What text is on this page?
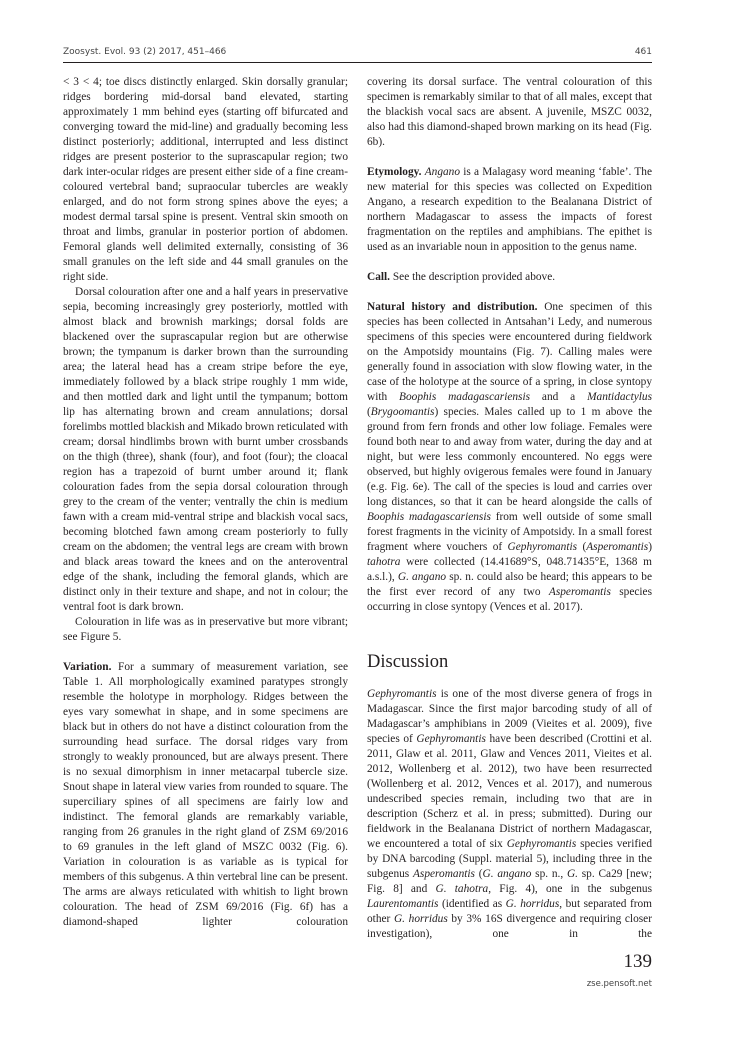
Zoosyst. Evol. 93 (2) 2017, 451–466	461

< 3 < 4; toe discs distinctly enlarged. Skin dorsally granular; ridges bordering mid-dorsal band elevated, starting approximately 1 mm behind eyes (starting off bifurcated and converging toward the mid-line) and gradually becoming less distinct posteriorly; additional, interrupted and less distinct ridges are present posterior to the suprascapular region; two dark inter-ocular ridges are present either side of a fine cream-coloured vertebral band; supraocular tubercles are weakly enlarged, and do not form strong spines above the eyes; a modest dermal tarsal spine is present. Ventral skin smooth on throat and limbs, granular in posterior portion of abdomen. Femoral glands well delimited externally, consisting of 36 small granules on the left side and 44 small granules on the right side.

Dorsal colouration after one and a half years in preservative sepia, becoming increasingly grey posteriorly, mottled with almost black and brownish markings; dorsal folds are blackened over the suprascapular region but are otherwise brown; the tympanum is darker brown than the surrounding area; the lateral head has a cream stripe before the eye, immediately followed by a black stripe roughly 1 mm wide, and then mottled dark and light until the tympanum; bottom lip has alternating brown and cream annulations; dorsal forelimbs mottled blackish and Mikado brown reticulated with cream; dorsal hindlimbs brown with burnt umber crossbands on the thigh (three), shank (four), and foot (four); the cloacal region has a trapezoid of burnt umber around it; flank colouration fades from the sepia dorsal colouration through grey to the cream of the venter; ventrally the chin is medium fawn with a cream mid-ventral stripe and blackish vocal sacs, becoming blotched fawn among cream posteriorly to fully cream on the abdomen; the ventral legs are cream with brown and black areas toward the knees and on the anteroventral edge of the shank, including the femoral glands, which are distinct only in their texture and shape, and not in colour; the ventral foot is dark brown.

Colouration in life was as in preservative but more vibrant; see Figure 5.

Variation. For a summary of measurement variation, see Table 1. All morphologically examined paratypes strongly resemble the holotype in morphology. Ridges between the eyes vary somewhat in shape, and in some specimens are black but in others do not have a distinct colouration from the surrounding head surface. The dorsal ridges vary from strongly to weakly pronounced, but are always present. There is no sexual dimorphism in inner metacarpal tubercle size. Snout shape in lateral view varies from rounded to square. The superciliary spines of all specimens are fairly low and indistinct. The femoral glands are remarkably variable, ranging from 26 granules in the right gland of ZSM 69/2016 to 69 granules in the left gland of MSZC 0032 (Fig. 6). Variation in colouration is as variable as is typical for members of this subgenus. A thin vertebral line can be present. The arms are always reticulated with whitish to light brown colouration. The head of ZSM 69/2016 (Fig. 6f) has a diamond-shaped lighter colouration

covering its dorsal surface. The ventral colouration of this specimen is remarkably similar to that of all males, except that the blackish vocal sacs are absent. A juvenile, MSZC 0032, also had this diamond-shaped brown marking on its head (Fig. 6b).

Etymology. Angano is a Malagasy word meaning ‘fable’. The new material for this species was collected on Expedition Angano, a research expedition to the Bealanana District of northern Madagascar to assess the impacts of forest fragmentation on the reptiles and amphibians. The epithet is used as an invariable noun in apposition to the genus name.

Call. See the description provided above.

Natural history and distribution. One specimen of this species has been collected in Antsahan’i Ledy, and numerous specimens of this species were encountered during fieldwork on the Ampotsidy mountains (Fig. 7). Calling males were generally found in association with slow flowing water, in the case of the holotype at the source of a spring, in close syntopy with Boophis madagascariensis and a Mantidactylus (Brygoomantis) species. Males called up to 1 m above the ground from fern fronds and other low foliage. Females were found both near to and away from water, during the day and at night, but were less commonly encountered. No eggs were observed, but highly ovigerous females were found in January (e.g. Fig. 6e). The call of the species is loud and carries over long distances, so that it can be heard alongside the calls of Boophis madagascariensis from well outside of some small forest fragments in the vicinity of Ampotsidy. In a small forest fragment where vouchers of Gephyromantis (Asperomantis) tahotra were collected (14.41689°S, 048.71435°E, 1368 m a.s.l.), G. angano sp. n. could also be heard; this appears to be the first ever record of any two Asperomantis species occurring in close syntopy (Vences et al. 2017).

Discussion

Gephyromantis is one of the most diverse genera of frogs in Madagascar. Since the first major barcoding study of all of Madagascar’s amphibians in 2009 (Vieites et al. 2009), five species of Gephyromantis have been described (Crottini et al. 2011, Glaw et al. 2011, Glaw and Vences 2011, Vieites et al. 2012, Wollenberg et al. 2012), two have been resurrected (Wollenberg et al. 2012, Vences et al. 2017), and numerous undescribed species remain, including two that are in description (Scherz et al. in press; submitted). During our fieldwork in the Bealanana District of northern Madagascar, we encountered a total of six Gephyromantis species verified by DNA barcoding (Suppl. material 5), including three in the subgenus Asperomantis (G. angano sp. n., G. sp. Ca29 [new; Fig. 8] and G. tahotra, Fig. 4), one in the subgenus Laurentomantis (identified as G. horridus, but separated from other G. horridus by 3% 16S divergence and requiring closer investigation), one in the

139
zse.pensoft.net
